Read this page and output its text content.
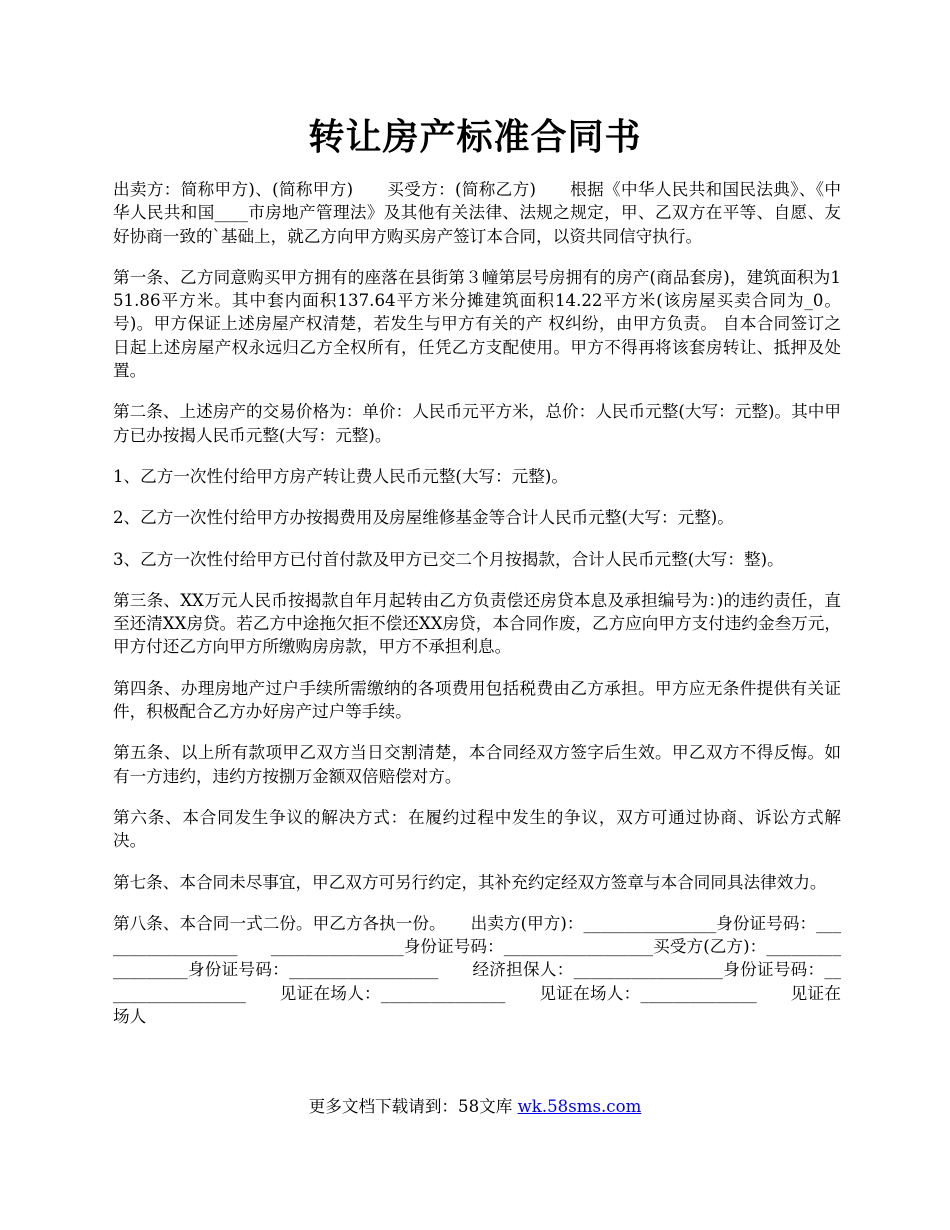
转让房产标准合同书

出卖方：简称甲方)、(简称甲方)　　买受方：(简称乙方)　　根据《中华人民共和国民法典》、《中华人民共和国____市房地产管理法》及其他有关法律、法规之规定，甲、乙双方在平等、自愿、友好协商一致的`基础上，就乙方向甲方购买房产签订本合同，以资共同信守执行。

第一条、乙方同意购买甲方拥有的座落在县街第３幢第层号房拥有的房产(商品套房)，建筑面积为151.86平方米。其中套内面积137.64平方米分摊建筑面积14.22平方米(该房屋买卖合同为_0。号)。甲方保证上述房屋产权清楚，若发生与甲方有关的产 权纠纷，由甲方负责。 自本合同签订之日起上述房屋产权永远归乙方全权所有，任凭乙方支配使用。甲方不得再将该套房转让、抵押及处置。

第二条、上述房产的交易价格为：单价：人民币元平方米，总价：人民币元整(大写：元整)。其中甲方已办按揭人民币元整(大写：元整)。

1、乙方一次性付给甲方房产转让费人民币元整(大写：元整)。

2、乙方一次性付给甲方办按揭费用及房屋维修基金等合计人民币元整(大写：元整)。

3、乙方一次性付给甲方已付首付款及甲方已交二个月按揭款，合计人民币元整(大写：整)。

第三条、XX万元人民币按揭款自年月起转由乙方负责偿还房贷本息及承担编号为：)的违约责任，直至还清XX房贷。若乙方中途拖欠拒不偿还XX房贷，本合同作废，乙方应向甲方支付违约金叁万元，甲方付还乙方向甲方所缴购房房款，甲方不承担利息。

第四条、办理房地产过户手续所需缴纳的各项费用包括税费由乙方承担。甲方应无条件提供有关证件，积极配合乙方办好房产过户等手续。

第五条、以上所有款项甲乙双方当日交割清楚，本合同经双方签字后生效。甲乙双方不得反悔。如有一方违约，违约方按捌万金额双倍赔偿对方。

第六条、本合同发生争议的解决方式：在履约过程中发生的争议，双方可通过协商、诉讼方式解决。

第七条、本合同未尽事宜，甲乙双方可另行约定，其补充约定经双方签章与本合同同具法律效力。

第八条、本合同一式二份。甲乙方各执一份。　　出卖方(甲方)：________________身份证号码：__________________　　________________身份证号码：__________________买受方(乙方)：__________________身份证号码：__________________　　经济担保人：__________________身份证号码：__________________　　见证在场人：_______________　　见证在场人：______________　　见证在场人

更多文档下载请到：58文库 wk.58sms.com
